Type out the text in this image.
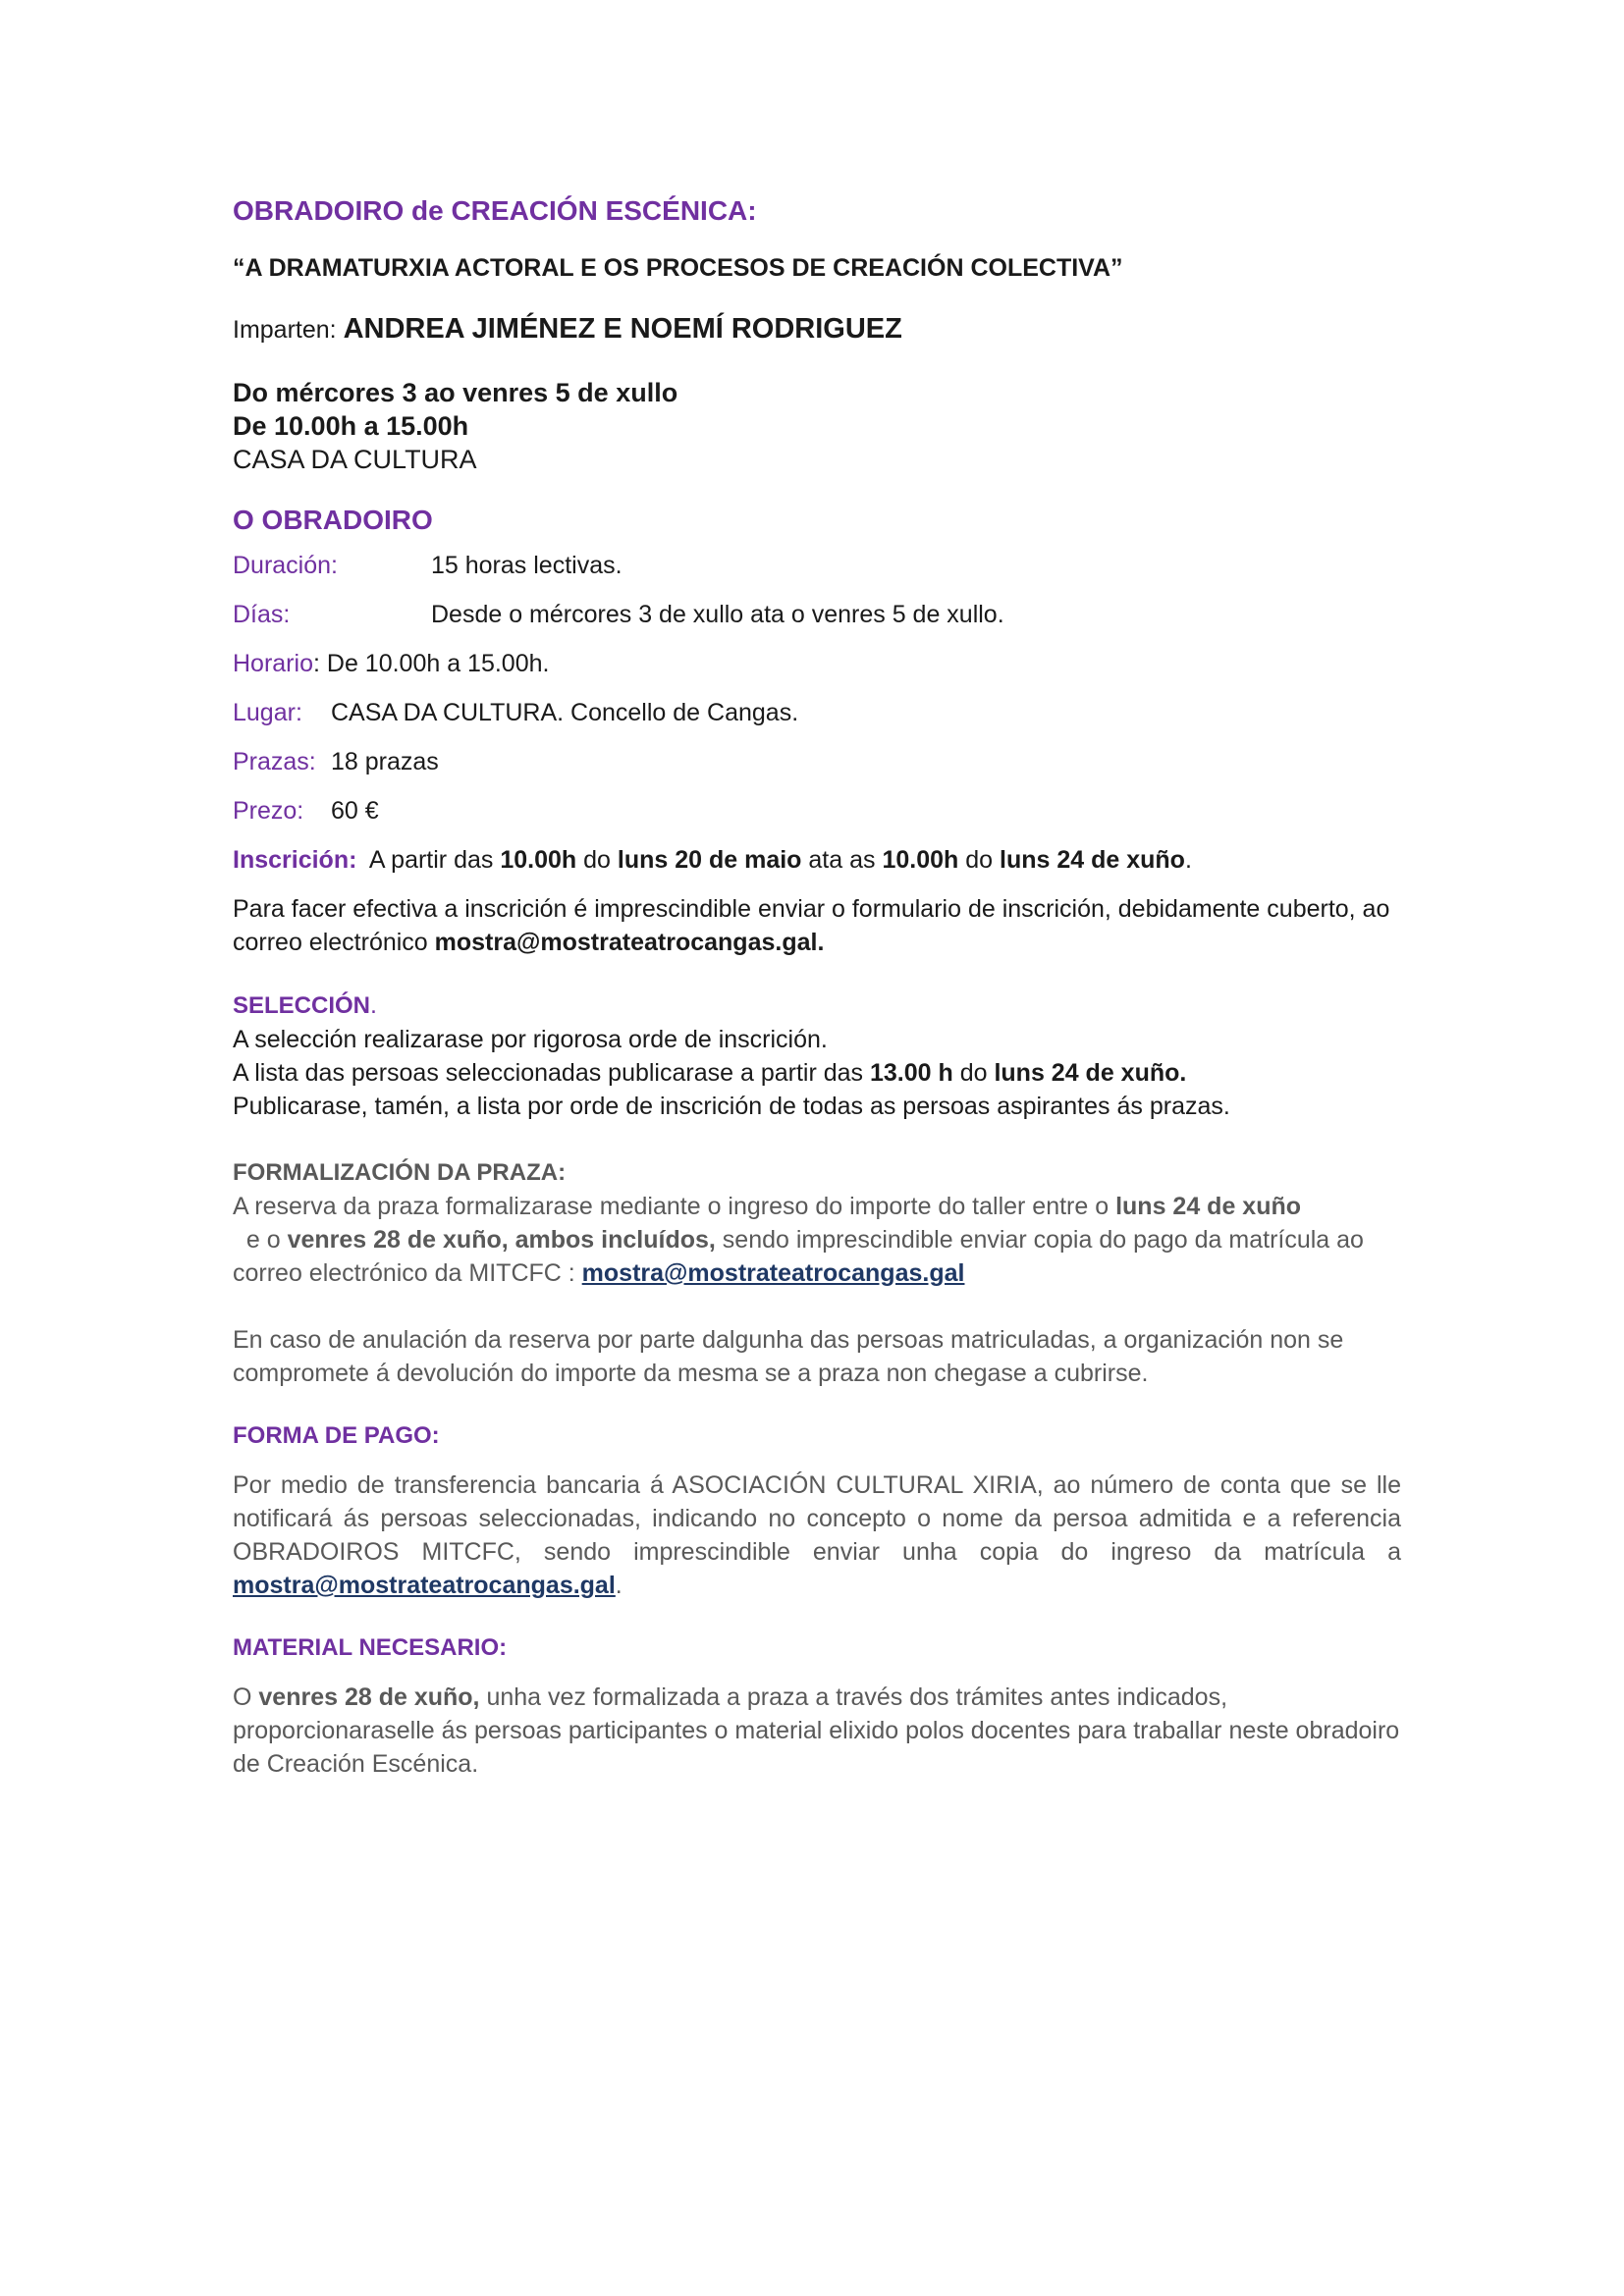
OBRADOIRO de CREACIÓN ESCÉNICA:
“A DRAMATURXIA ACTORAL E OS PROCESOS DE CREACIÓN COLECTIVA”
Imparten: ANDREA JIMÉNEZ E NOEMÍ RODRIGUEZ
Do mércores 3 ao venres 5 de xullo
De 10.00h a 15.00h
CASA DA CULTURA
O OBRADOIRO
Duración:	15 horas lectivas.
Días:	Desde o mércores 3 de xullo ata o venres 5 de xullo.
Horario : De 10.00h a 15.00h.
Lugar:	CASA DA CULTURA. Concello de Cangas.
Prazas: 18 prazas
Prezo:	60 €
Inscrición:  A partir das 10.00h do luns 20 de maio ata as 10.00h do luns 24 de xuño.
Para facer efectiva a inscrición é imprescindible enviar o formulario de inscrición, debidamente cuberto, ao correo electrónico mostra@mostrateatrocangas.gal.
SELECCIÓN.
A selección realizarase por rigorosa orde de inscrición.
A lista das persoas seleccionadas publicarase a partir das 13.00 h do luns 24 de xuño.
Publicarase, tamén, a lista por orde de inscrición de todas as persoas aspirantes ás prazas.
FORMALIZACIÓN DA PRAZA:
A reserva da praza formalizarase mediante o ingreso do importe do taller entre o luns 24 de xuño  e o venres 28 de xuño, ambos incluídos, sendo imprescindible enviar copia do pago da matrícula ao correo electrónico da MITCFC : mostra@mostrateatrocangas.gal
En caso de anulación da reserva por parte dalgunha das persoas matriculadas, a organización non se compromete á devolución do importe da mesma se a praza non chegase a cubrirse.
FORMA DE PAGO:
Por medio de transferencia bancaria á ASOCIACIÓN CULTURAL XIRIA, ao número de conta que se lle notificará ás persoas seleccionadas, indicando no concepto o nome da persoa admitida e a referencia OBRADOIROS MITCFC, sendo imprescindible enviar unha copia do ingreso da matrícula a mostra@mostrateatrocangas.gal.
MATERIAL NECESARIO:
O venres 28 de xuño, unha vez formalizada a praza a través dos trámites antes indicados, proporcionaraselle ás persoas participantes o material elixido polos docentes para traballar neste obradoiro de Creación Escénica.
